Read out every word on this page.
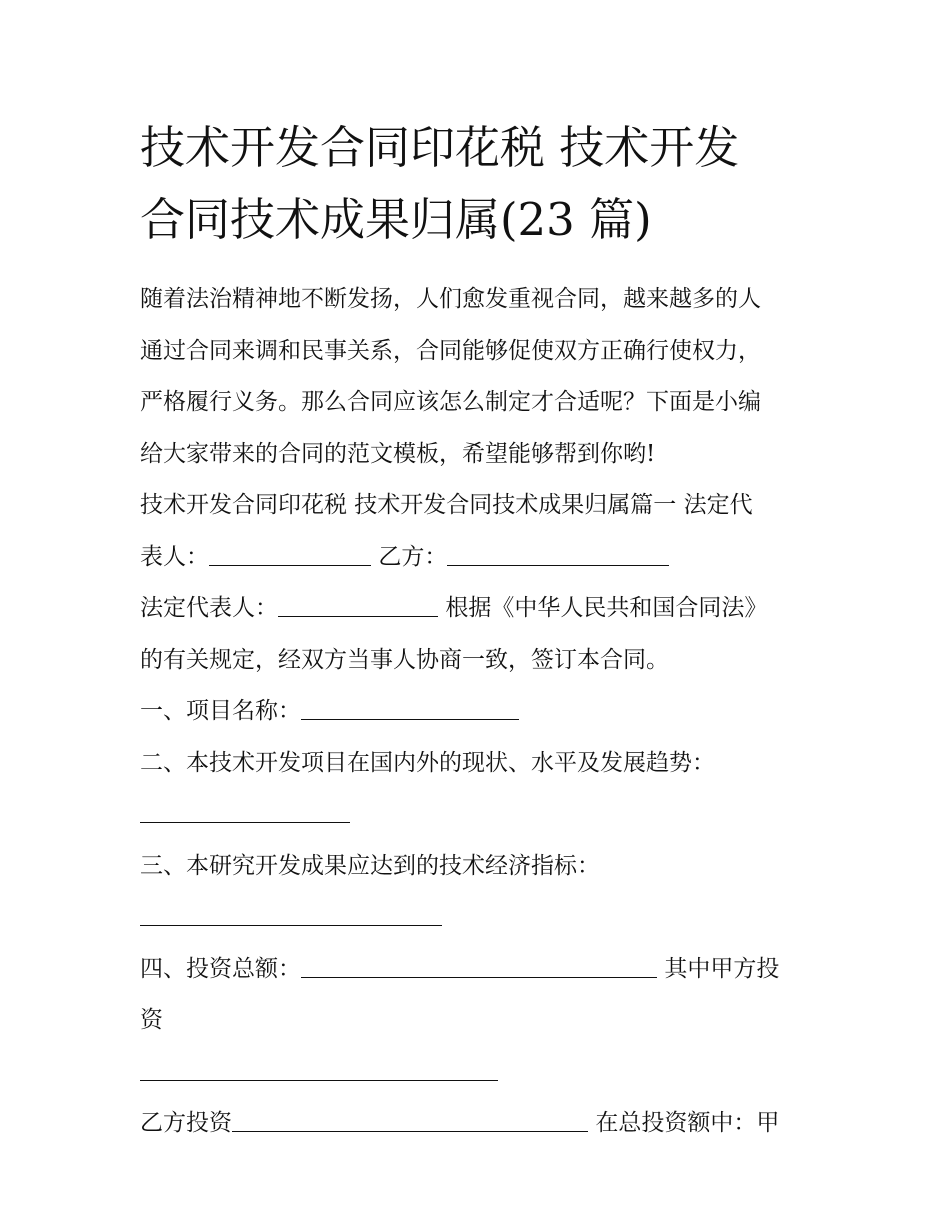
技术开发合同印花税 技术开发
合同技术成果归属(23 篇)
随着法治精神地不断发扬，人们愈发重视合同，越来越多的人
通过合同来调和民事关系，合同能够促使双方正确行使权力，
严格履行义务。那么合同应该怎么制定才合适呢？下面是小编
给大家带来的合同的范文模板，希望能够帮到你哟!
技术开发合同印花税 技术开发合同技术成果归属篇一 法定代
表人：	乙方：
法定代表人：	根据《中华人民共和国合同法》
的有关规定，经双方当事人协商一致，签订本合同。
一、项目名称：
二、本技术开发项目在国内外的现状、水平及发展趋势：
三、本研究开发成果应达到的技术经济指标：
四、投资总额：	其中甲方投
资
乙方投资	在总投资额中：甲
